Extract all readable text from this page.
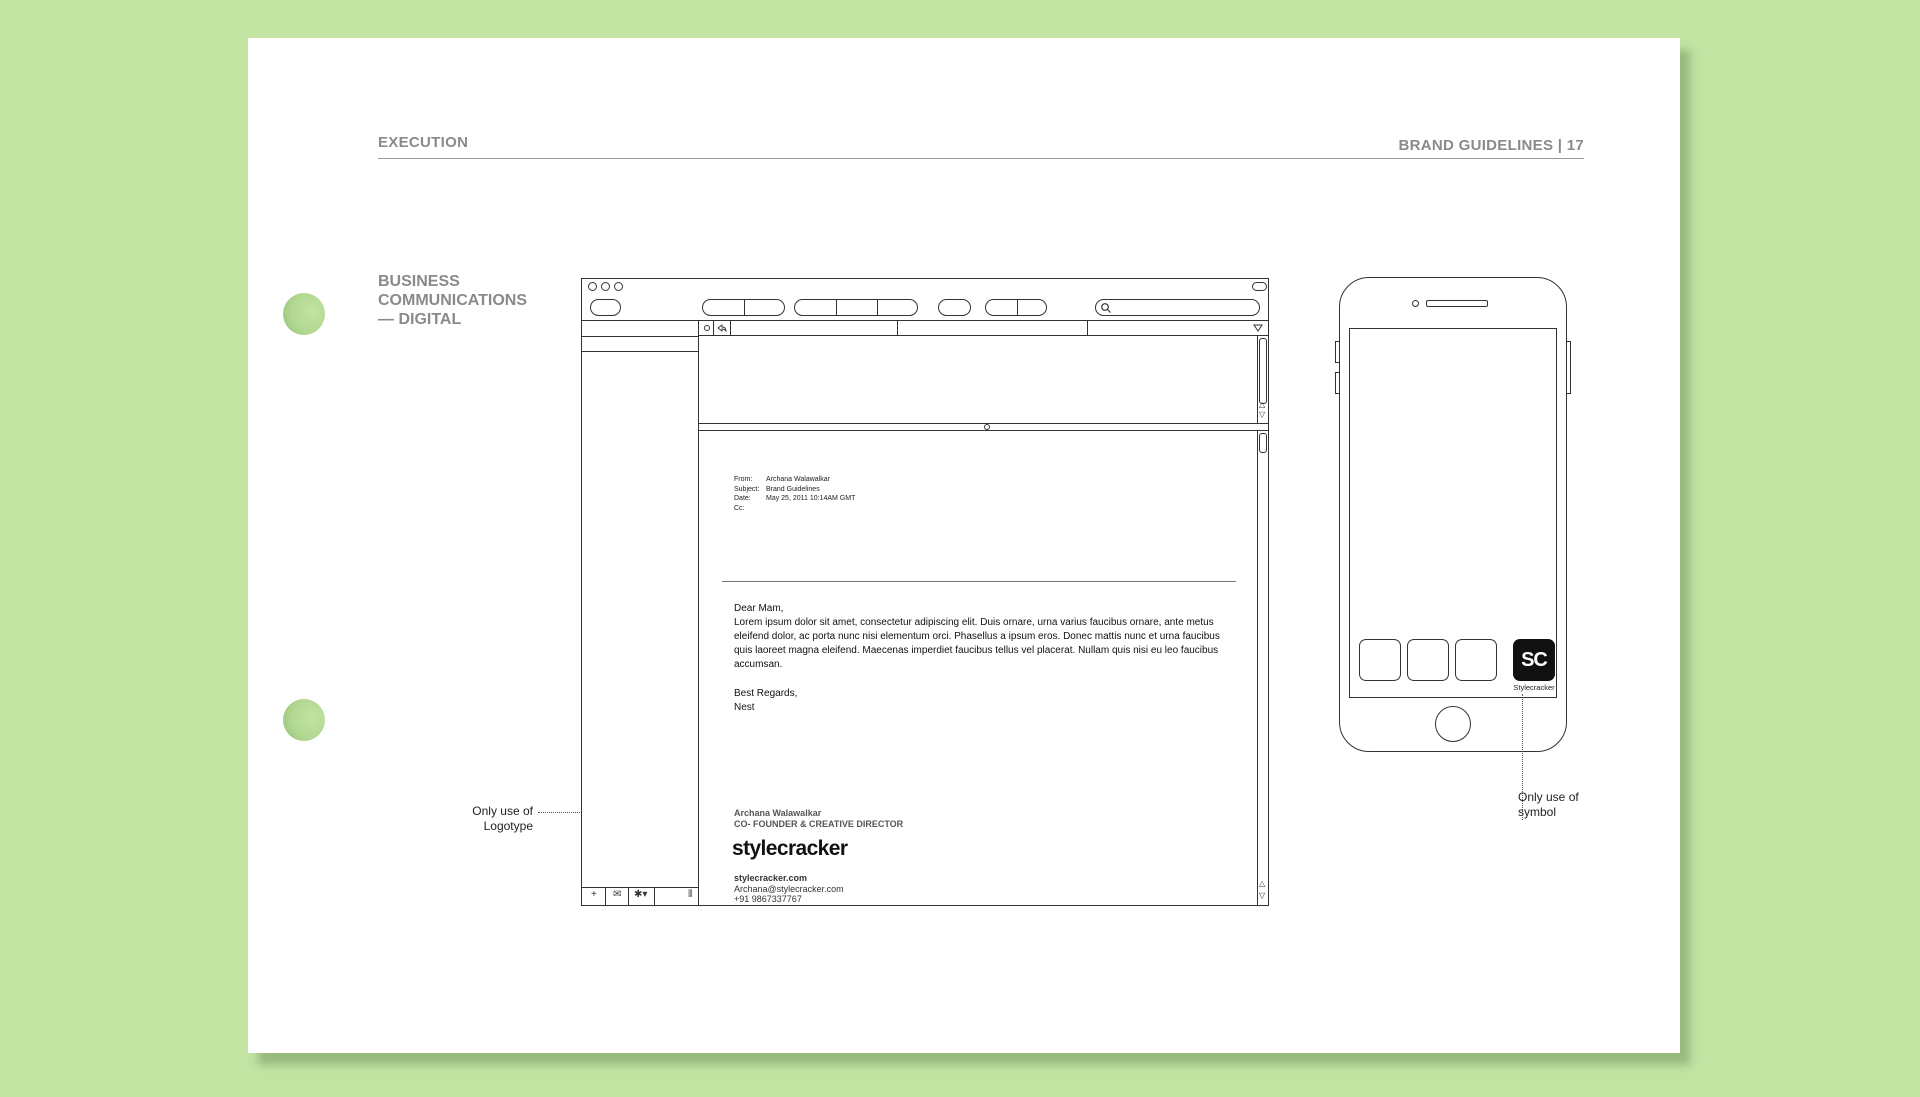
EXECUTION	BRAND GUIDELINES | 17
BUSINESS
COMMUNICATIONS
— DIGITAL
Only use of
Logotype
+ ✉ ✱▾	⦀
△
▽
△
▽
From: Archana Walawalkar
Subject: Brand Guidelines
Date: May 25, 2011 10:14AM GMT
Cc:

Dear Mam,
Lorem ipsum dolor sit amet, consectetur adipiscing elit. Duis ornare, urna varius faucibus ornare, ante metus eleifend dolor, ac porta nunc nisi elementum orci. Phasellus a ipsum eros. Donec mattis nunc et urna faucibus quis laoreet magna eleifend. Maecenas imperdiet faucibus tellus vel placerat. Nullam quis nisi eu leo faucibus accumsan.

Best Regards,
Nest

Archana Walawalkar
CO- FOUNDER & CREATIVE DIRECTOR
stylecracker
stylecracker.com
Archana@stylecracker.com
+91 9867337767
SC
Stylecracker
Only use of
symbol
